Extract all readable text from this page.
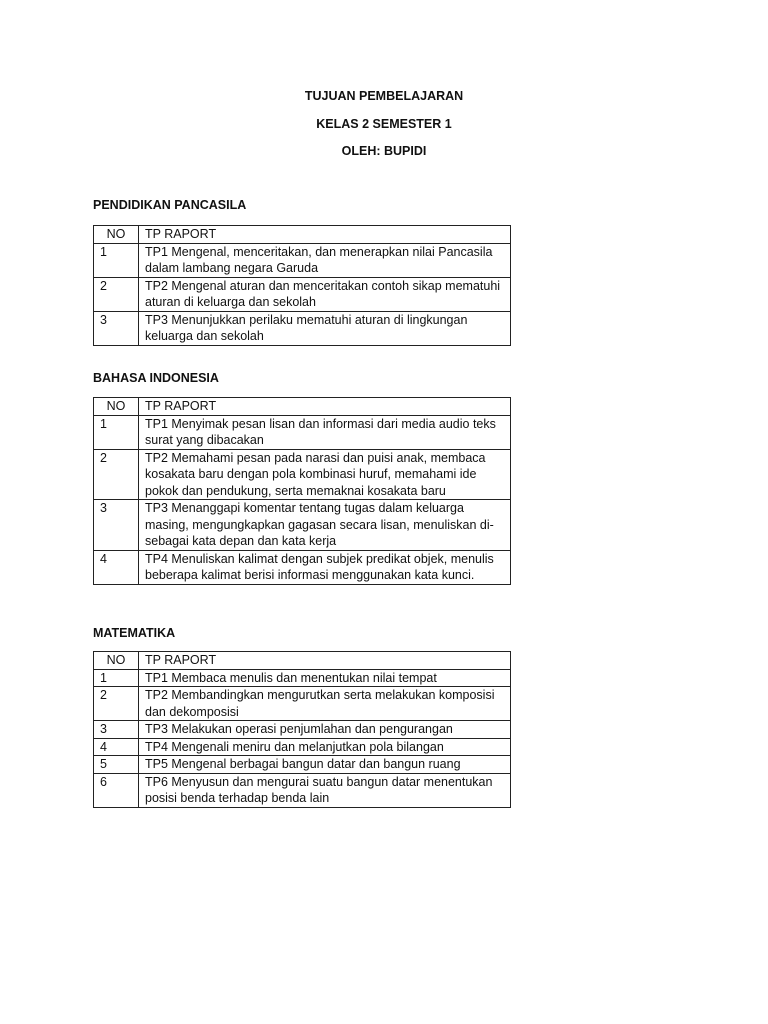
TUJUAN PEMBELAJARAN
KELAS 2 SEMESTER 1
OLEH: BUPIDI
PENDIDIKAN PANCASILA
NO	TP RAPORT
1	TP1 Mengenal, menceritakan, dan menerapkan nilai Pancasila dalam lambang negara Garuda
2	TP2 Mengenal aturan dan menceritakan contoh sikap mematuhi aturan di keluarga dan sekolah
3	TP3 Menunjukkan perilaku mematuhi aturan di lingkungan keluarga dan sekolah
BAHASA INDONESIA
NO	TP RAPORT
1	TP1 Menyimak pesan lisan dan informasi dari media audio teks surat yang dibacakan
2	TP2 Memahami pesan pada narasi dan puisi anak, membaca kosakata baru dengan pola kombinasi huruf, memahami ide pokok dan pendukung, serta memaknai kosakata baru
3	TP3 Menanggapi komentar tentang tugas dalam keluarga masing, mengungkapkan gagasan secara lisan, menuliskan di-sebagai kata depan dan kata kerja
4	TP4 Menuliskan kalimat dengan subjek predikat objek, menulis beberapa kalimat berisi informasi menggunakan kata kunci.
MATEMATIKA
NO	TP RAPORT
1	TP1 Membaca menulis dan menentukan nilai tempat
2	TP2 Membandingkan mengurutkan serta melakukan komposisi dan dekomposisi
3	TP3 Melakukan operasi penjumlahan dan pengurangan
4	TP4 Mengenali meniru dan melanjutkan pola bilangan
5	TP5 Mengenal berbagai bangun datar dan bangun ruang
6	TP6 Menyusun dan mengurai suatu bangun datar menentukan posisi benda terhadap benda lain
